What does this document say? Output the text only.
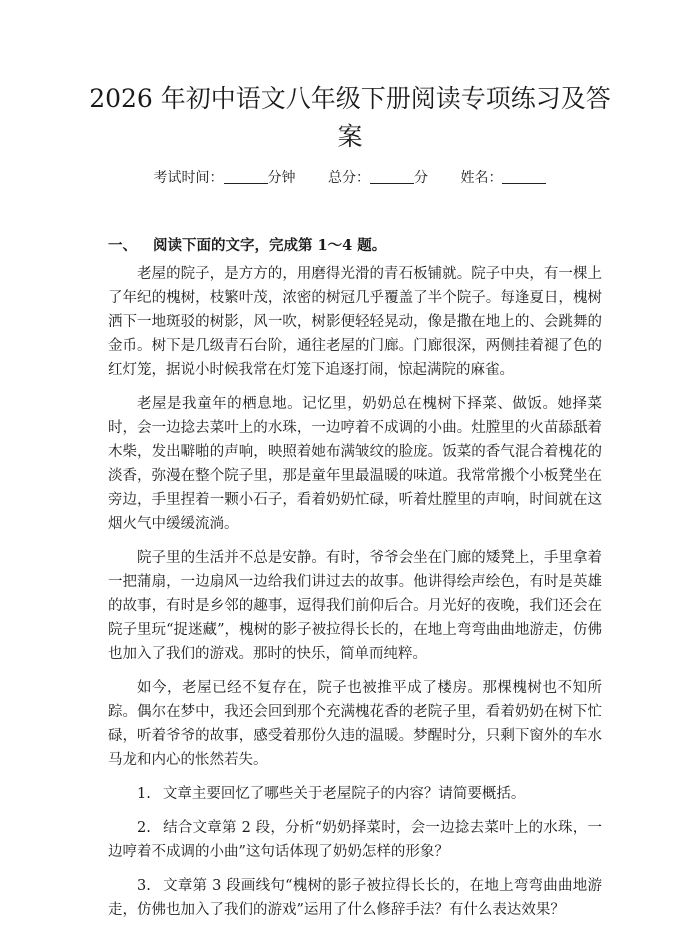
2026 年初中语文八年级下册阅读专项练习及答案
考试时间：	分钟 总分：	分 姓名：
一、 阅读下面的文字，完成第 1～4 题。

老屋的院子，是方方的，用磨得光滑的青石板铺就。院子中央，有一棵上了年纪的槐树，枝繁叶茂，浓密的树冠几乎覆盖了半个院子。每逢夏日，槐树洒下一地斑驳的树影，风一吹，树影便轻轻晃动，像是撒在地上的、会跳舞的金币。树下是几级青石台阶，通往老屋的门廊。门廊很深，两侧挂着褪了色的红灯笼，据说小时候我常在灯笼下追逐打闹，惊起满院的麻雀。

老屋是我童年的栖息地。记忆里，奶奶总在槐树下择菜、做饭。她择菜时，会一边捻去菜叶上的水珠，一边哼着不成调的小曲。灶膛里的火苗舔舐着木柴，发出噼啪的声响，映照着她布满皱纹的脸庞。饭菜的香气混合着槐花的淡香，弥漫在整个院子里，那是童年里最温暖的味道。我常常搬个小板凳坐在旁边，手里捏着一颗小石子，看着奶奶忙碌，听着灶膛里的声响，时间就在这烟火气中缓缓流淌。

院子里的生活并不总是安静。有时，爷爷会坐在门廊的矮凳上，手里拿着一把蒲扇，一边扇风一边给我们讲过去的故事。他讲得绘声绘色，有时是英雄的故事，有时是乡邻的趣事，逗得我们前仰后合。月光好的夜晚，我们还会在院子里玩“捉迷藏”，槐树的影子被拉得长长的，在地上弯弯曲曲地游走，仿佛也加入了我们的游戏。那时的快乐，简单而纯粹。

如今，老屋已经不复存在，院子也被推平成了楼房。那棵槐树也不知所踪。偶尔在梦中，我还会回到那个充满槐花香的老院子里，看着奶奶在树下忙碌，听着爷爷的故事，感受着那份久违的温暖。梦醒时分，只剩下窗外的车水马龙和内心的怅然若失。

1. 文章主要回忆了哪些关于老屋院子的内容？请简要概括。

2. 结合文章第 2 段，分析“奶奶择菜时，会一边捻去菜叶上的水珠，一边哼着不成调的小曲”这句话体现了奶奶怎样的形象？

3. 文章第 3 段画线句“槐树的影子被拉得长长的，在地上弯弯曲曲地游走，仿佛也加入了我们的游戏”运用了什么修辞手法？有什么表达效果？
